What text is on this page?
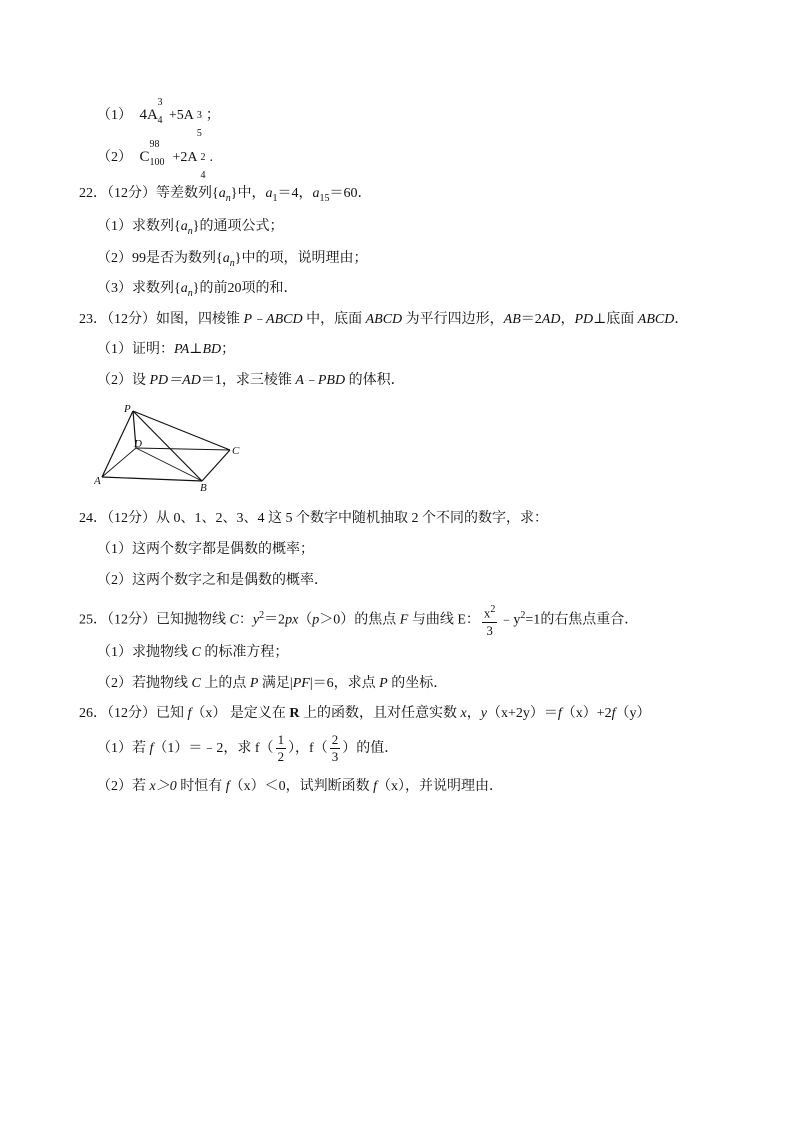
（1） 4A
3
4 +5A 3
5
；
（2） C
98
100 +2A 2
4
.
22．（12分）等差数列$\{a_n\}$中，$a_1=4$，$a_{15}=60$．
（1）求数列$\{a_n\}$的通项公式；
（2）99是否为数列$\{a_n\}$中的项，说明理由；
（3）求数列$\{a_n\}$的前20项的和．
23．（12分）如图，四棱锥 P﹣ABCD 中，底面 ABCD 为平行四边形，AB＝2AD，PD⊥底面 ABCD．
（1）证明：PA⊥BD；
（2）设 PD＝AD＝1，求三棱锥 A﹣PBD 的体积．
P
D
C
A
B
24．（12分）从 0、1、2、3、4 这 5 个数字中随机抽取 2 个不同的数字，求：
（1）这两个数字都是偶数的概率；
（2）这两个数字之和是偶数的概率．
25．（12分）已知抛物线 C：$y^2=2px(p>0)$的焦点 F 与曲线 E： $\frac{x^2}{3}$ $﹣y^2=1$的右焦点重合．
（1）求抛物线 C 的标准方程；
（2）若抛物线 C 上的点 P 满足|PF|＝6，求点 P 的坐标．
26．（12分）已知 f（x） 是定义在 R 上的函数，且对任意实数 x，y（x+2y）＝f（x）+2f（y）
（1）若 f（1）＝﹣2，求 $f( \frac{1}{2}$ ），$f( \frac{2}{3}$ ）的值．
（2）若 x＞0 时恒有 f（x）＜0，试判断函数 f（x），并说明理由．
